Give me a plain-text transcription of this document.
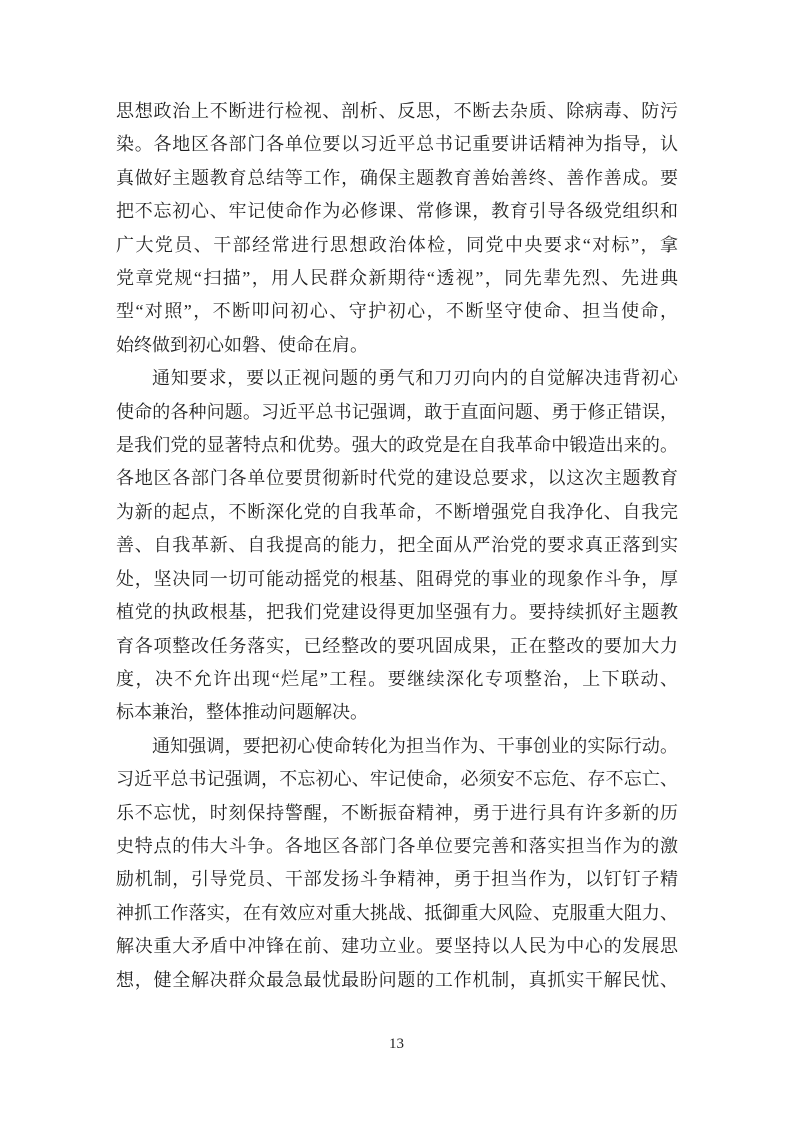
思想政治上不断进行检视、剖析、反思，不断去杂质、除病毒、防污
染。各地区各部门各单位要以习近平总书记重要讲话精神为指导，认
真做好主题教育总结等工作，确保主题教育善始善终、善作善成。要
把不忘初心、牢记使命作为必修课、常修课，教育引导各级党组织和
广大党员、干部经常进行思想政治体检，同党中央要求“对标”，拿
党章党规“扫描”，用人民群众新期待“透视”，同先辈先烈、先进典
型“对照”，不断叩问初心、守护初心，不断坚守使命、担当使命，
始终做到初心如磐、使命在肩。
通知要求，要以正视问题的勇气和刀刃向内的自觉解决违背初心
使命的各种问题。习近平总书记强调，敢于直面问题、勇于修正错误，
是我们党的显著特点和优势。强大的政党是在自我革命中锻造出来的。
各地区各部门各单位要贯彻新时代党的建设总要求，以这次主题教育
为新的起点，不断深化党的自我革命，不断增强党自我净化、自我完
善、自我革新、自我提高的能力，把全面从严治党的要求真正落到实
处，坚决同一切可能动摇党的根基、阻碍党的事业的现象作斗争，厚
植党的执政根基，把我们党建设得更加坚强有力。要持续抓好主题教
育各项整改任务落实，已经整改的要巩固成果，正在整改的要加大力
度，决不允许出现“烂尾”工程。要继续深化专项整治，上下联动、
标本兼治，整体推动问题解决。
通知强调，要把初心使命转化为担当作为、干事创业的实际行动。
习近平总书记强调，不忘初心、牢记使命，必须安不忘危、存不忘亡、
乐不忘忧，时刻保持警醒，不断振奋精神，勇于进行具有许多新的历
史特点的伟大斗争。各地区各部门各单位要完善和落实担当作为的激
励机制，引导党员、干部发扬斗争精神，勇于担当作为，以钉钉子精
神抓工作落实，在有效应对重大挑战、抵御重大风险、克服重大阻力、
解决重大矛盾中冲锋在前、建功立业。要坚持以人民为中心的发展思
想，健全解决群众最急最忧最盼问题的工作机制，真抓实干解民忧、
13
